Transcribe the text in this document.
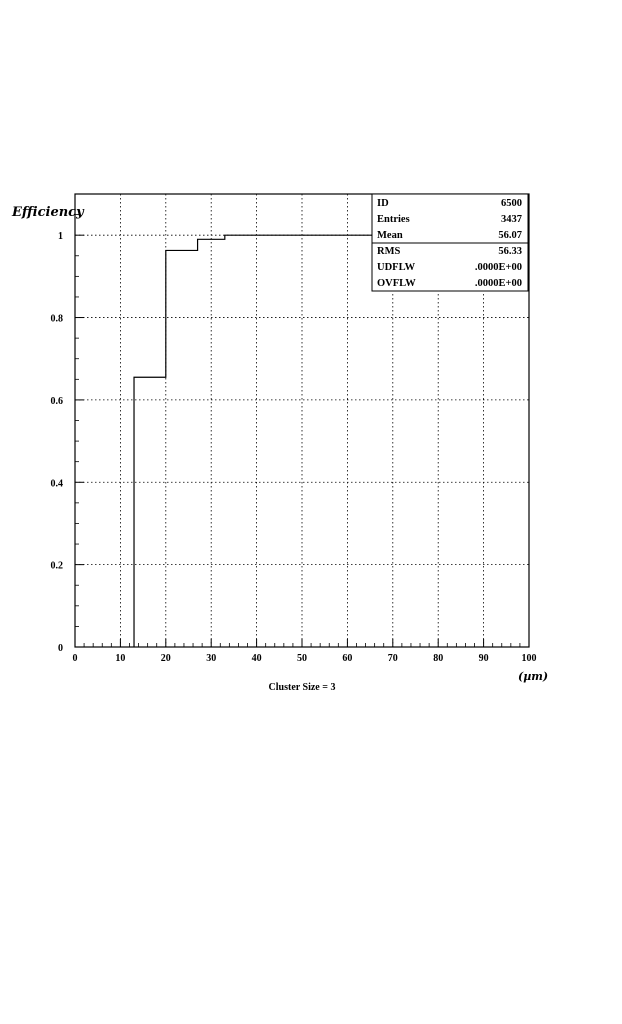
0	10	20	30	40	50	60	70	80	90	100
0
0.2
0.4
0.6
0.8
1
ID	6500
Entries	3437
Mean	56.07
RMS	56.33
UDFLW	.0000E+00
OVFLW	.0000E+00
Efficiency
Cluster Size = 3
(µm)
